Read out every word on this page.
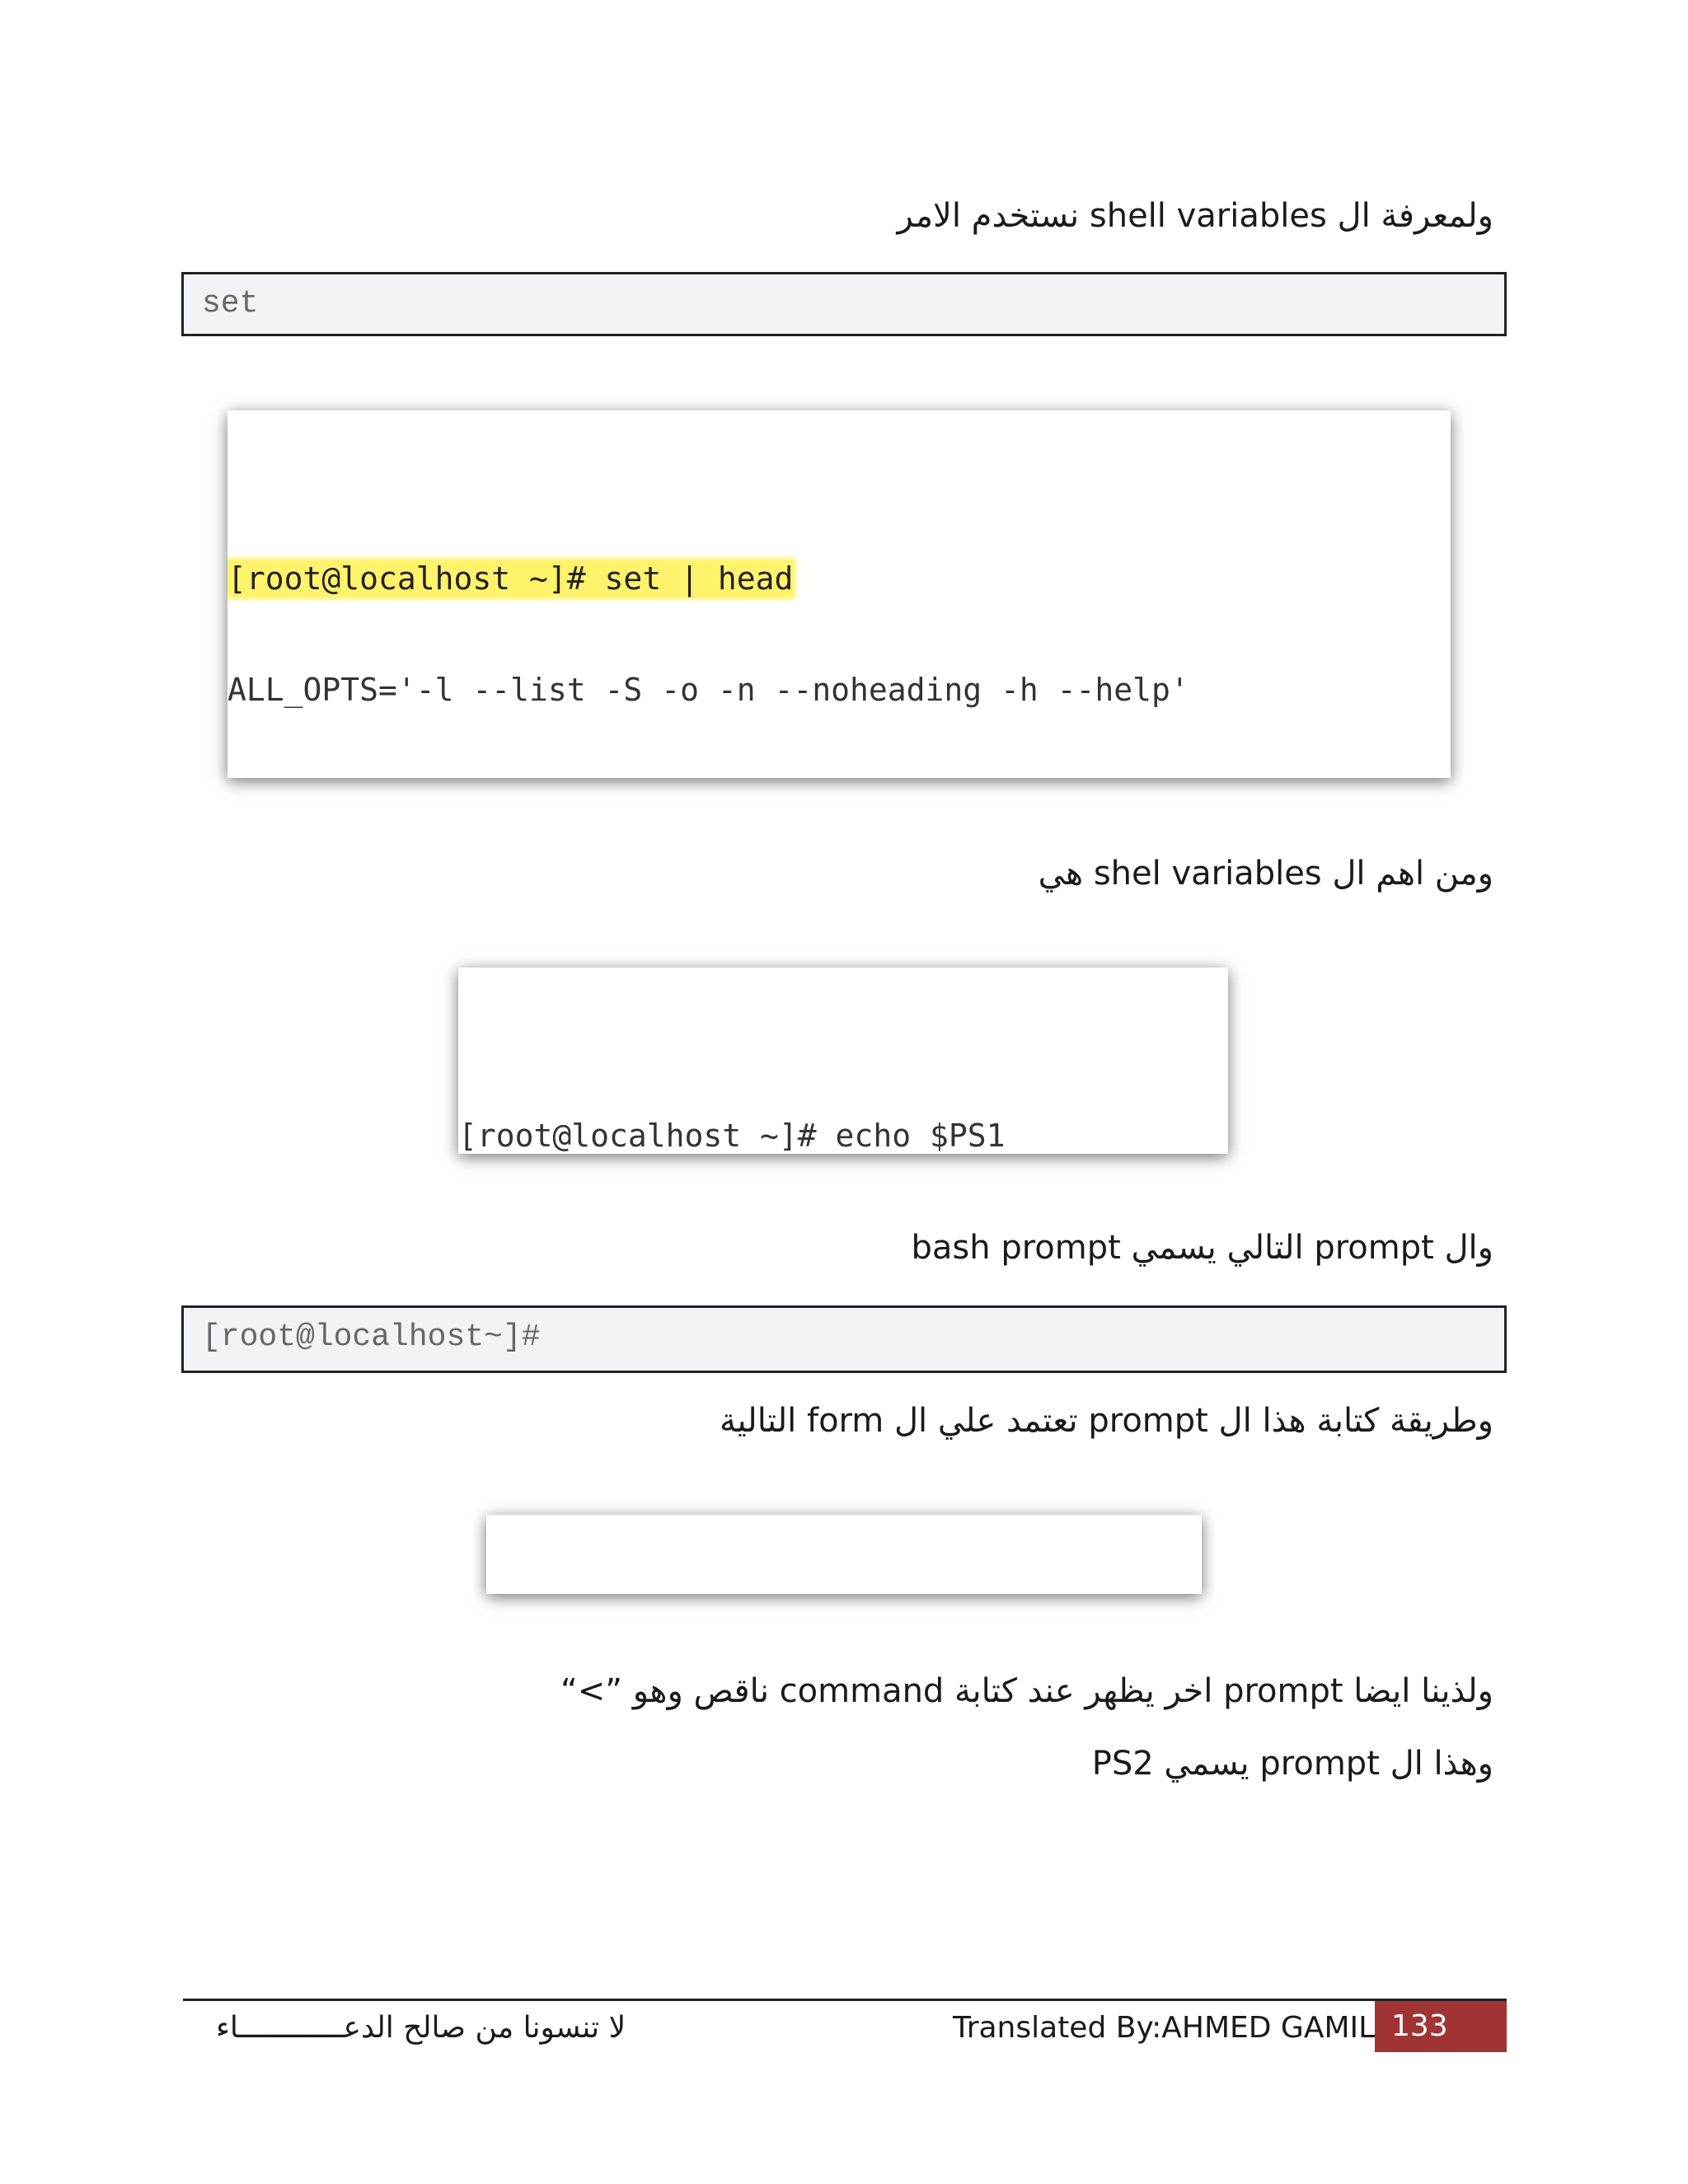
ولمعرفة ال shell variables نستخدم الامر
set

[root@localhost ~]# set | head

ALL_OPTS='-l --list -S -o -n --noheading -h --help'

ومن اهم ال shel variables هي

[root@localhost ~]# echo $PS1

وال prompt التالي يسمي bash prompt
[root@localhost~]#
وطريقة كتابة هذا ال prompt تعتمد علي ال form التالية

ولذينا ايضا prompt اخر يظهر عند كتابة command ناقص وهو ”>“
وهذا ال prompt يسمي PS2
لا تنسونا من صالح الدعــــــــــــاء	Translated By:AHMED GAMIL 133
